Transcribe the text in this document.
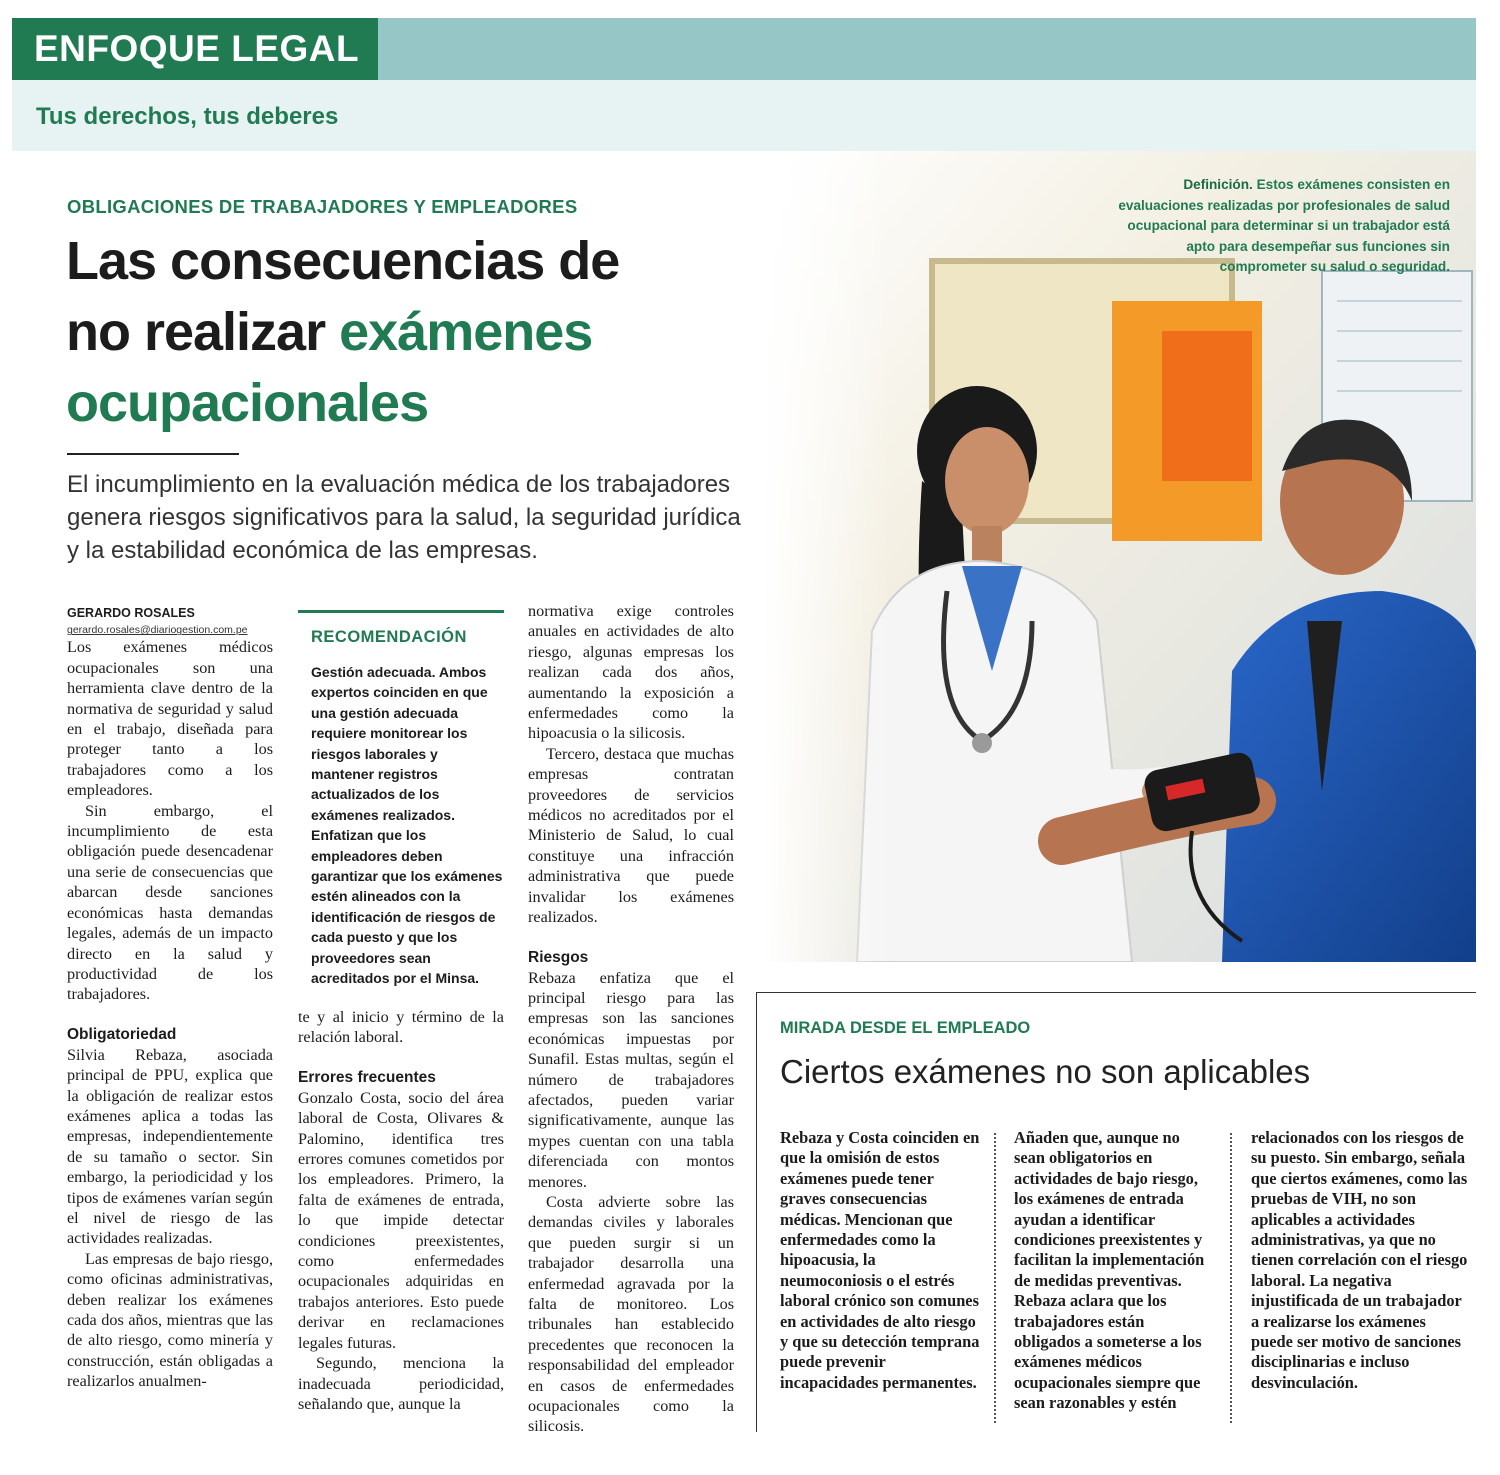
ENFOQUE LEGAL
Tus derechos, tus deberes
OBLIGACIONES DE TRABAJADORES Y EMPLEADORES
Las consecuencias de
no realizar exámenes
ocupacionales
El incumplimiento en la evaluación médica de los trabajadores
genera riesgos significativos para la salud, la seguridad jurídica
y la estabilidad económica de las empresas.
Definición. Estos exámenes consisten en evaluaciones realizadas por profesionales de salud ocupacional para determinar si un trabajador está apto para desempeñar sus funciones sin comprometer su salud o seguridad.
GERARDO ROSALES
gerardo.rosales@diariogestion.com.pe

Los exámenes médicos ocupacionales son una herramienta clave dentro de la normativa de seguridad y salud en el trabajo, diseñada para proteger tanto a los trabajadores como a los empleadores.

Sin embargo, el incumplimiento de esta obligación puede desencadenar una serie de consecuencias que abarcan desde sanciones económicas hasta demandas legales, además de un impacto directo en la salud y productividad de los trabajadores.

Obligatoriedad

Silvia Rebaza, asociada principal de PPU, explica que la obligación de realizar estos exámenes aplica a todas las empresas, independientemente de su tamaño o sector. Sin embargo, la periodicidad y los tipos de exámenes varían según el nivel de riesgo de las actividades realizadas.

Las empresas de bajo riesgo, como oficinas administrativas, deben realizar los exámenes cada dos años, mientras que las de alto riesgo, como minería y construcción, están obligadas a realizarlos anualmen-

RECOMENDACIÓN
Gestión adecuada. Ambos expertos coinciden en que una gestión adecuada requiere monitorear los riesgos laborales y mantener registros actualizados de los exámenes realizados. Enfatizan que los empleadores deben garantizar que los exámenes estén alineados con la identificación de riesgos de cada puesto y que los proveedores sean acreditados por el Minsa.

te y al inicio y término de la relación laboral.

Errores frecuentes

Gonzalo Costa, socio del área laboral de Costa, Olivares & Palomino, identifica tres errores comunes cometidos por los empleadores. Primero, la falta de exámenes de entrada, lo que impide detectar condiciones preexistentes, como enfermedades ocupacionales adquiridas en trabajos anteriores. Esto puede derivar en reclamaciones legales futuras.

Segundo, menciona la inadecuada periodicidad, señalando que, aunque la

normativa exige controles anuales en actividades de alto riesgo, algunas empresas los realizan cada dos años, aumentando la exposición a enfermedades como la hipoacusia o la silicosis.

Tercero, destaca que muchas empresas contratan proveedores de servicios médicos no acreditados por el Ministerio de Salud, lo cual constituye una infracción administrativa que puede invalidar los exámenes realizados.

Riesgos

Rebaza enfatiza que el principal riesgo para las empresas son las sanciones económicas impuestas por Sunafil. Estas multas, según el número de trabajadores afectados, pueden variar significativamente, aunque las mypes cuentan con una tabla diferenciada con montos menores.

Costa advierte sobre las demandas civiles y laborales que pueden surgir si un trabajador desarrolla una enfermedad agravada por la falta de monitoreo. Los tribunales han establecido precedentes que reconocen la responsabilidad del empleador en casos de enfermedades ocupacionales como la silicosis.

MIRADA DESDE EL EMPLEADO
Ciertos exámenes no son aplicables
Rebaza y Costa coinciden en que la omisión de estos exámenes puede tener graves consecuencias médicas. Mencionan que enfermedades como la hipoacusia, la neumoconiosis o el estrés laboral crónico son comunes en actividades de alto riesgo y que su detección temprana puede prevenir incapacidades permanentes.
Añaden que, aunque no sean obligatorios en actividades de bajo riesgo, los exámenes de entrada ayudan a identificar condiciones preexistentes y facilitan la implementación de medidas preventivas. Rebaza aclara que los trabajadores están obligados a someterse a los exámenes médicos ocupacionales siempre que sean razonables y estén
relacionados con los riesgos de su puesto. Sin embargo, señala que ciertos exámenes, como las pruebas de VIH, no son aplicables a actividades administrativas, ya que no tienen correlación con el riesgo laboral. La negativa injustificada de un trabajador a realizarse los exámenes puede ser motivo de sanciones disciplinarias e incluso desvinculación.
